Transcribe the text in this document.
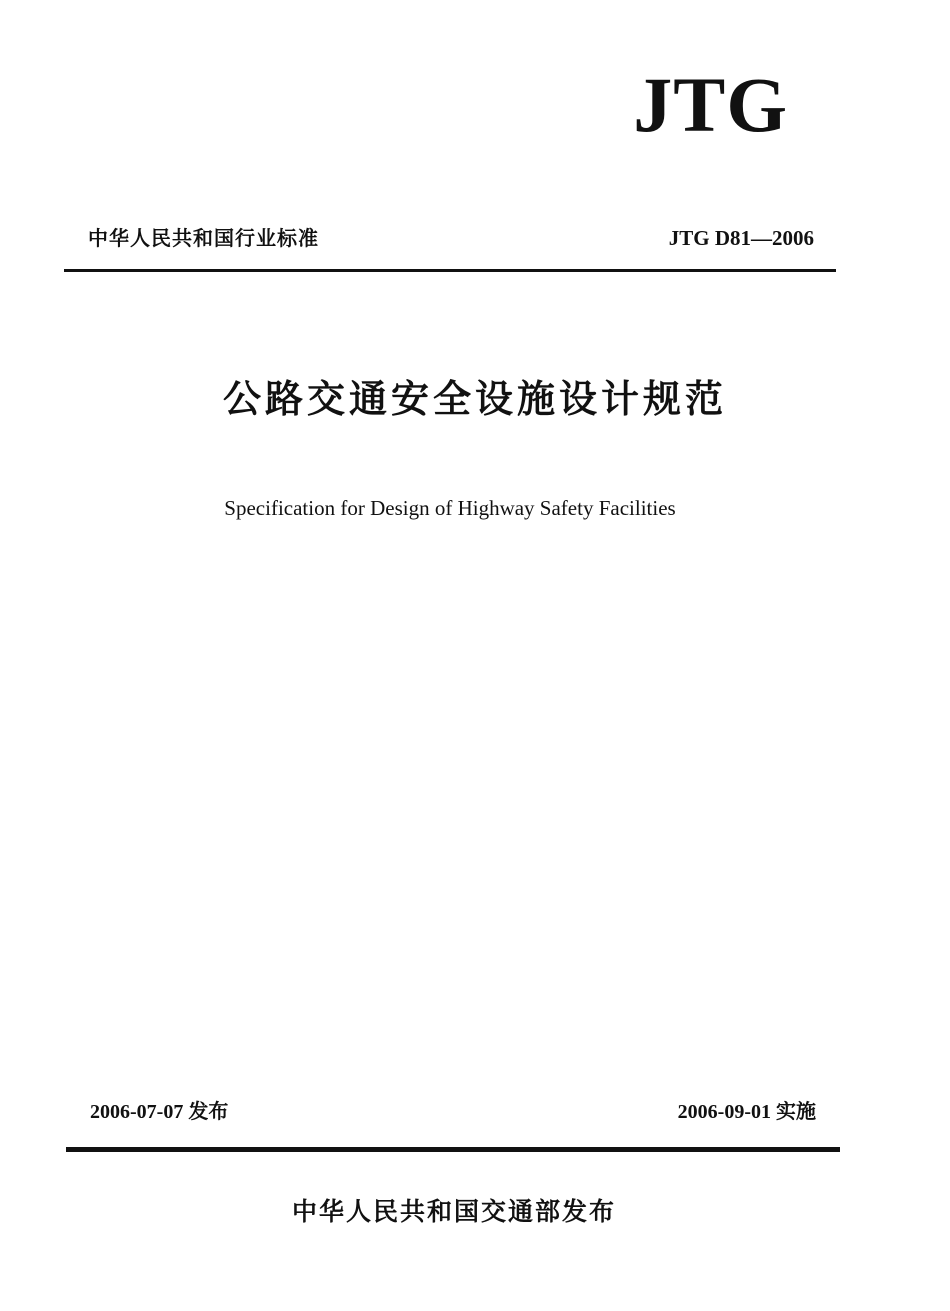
JTG
中华人民共和国行业标准	JTG D81—2006
公路交通安全设施设计规范
Specification for Design of Highway Safety Facilities
2006-07-07 发布	2006-09-01 实施
中华人民共和国交通部发布
